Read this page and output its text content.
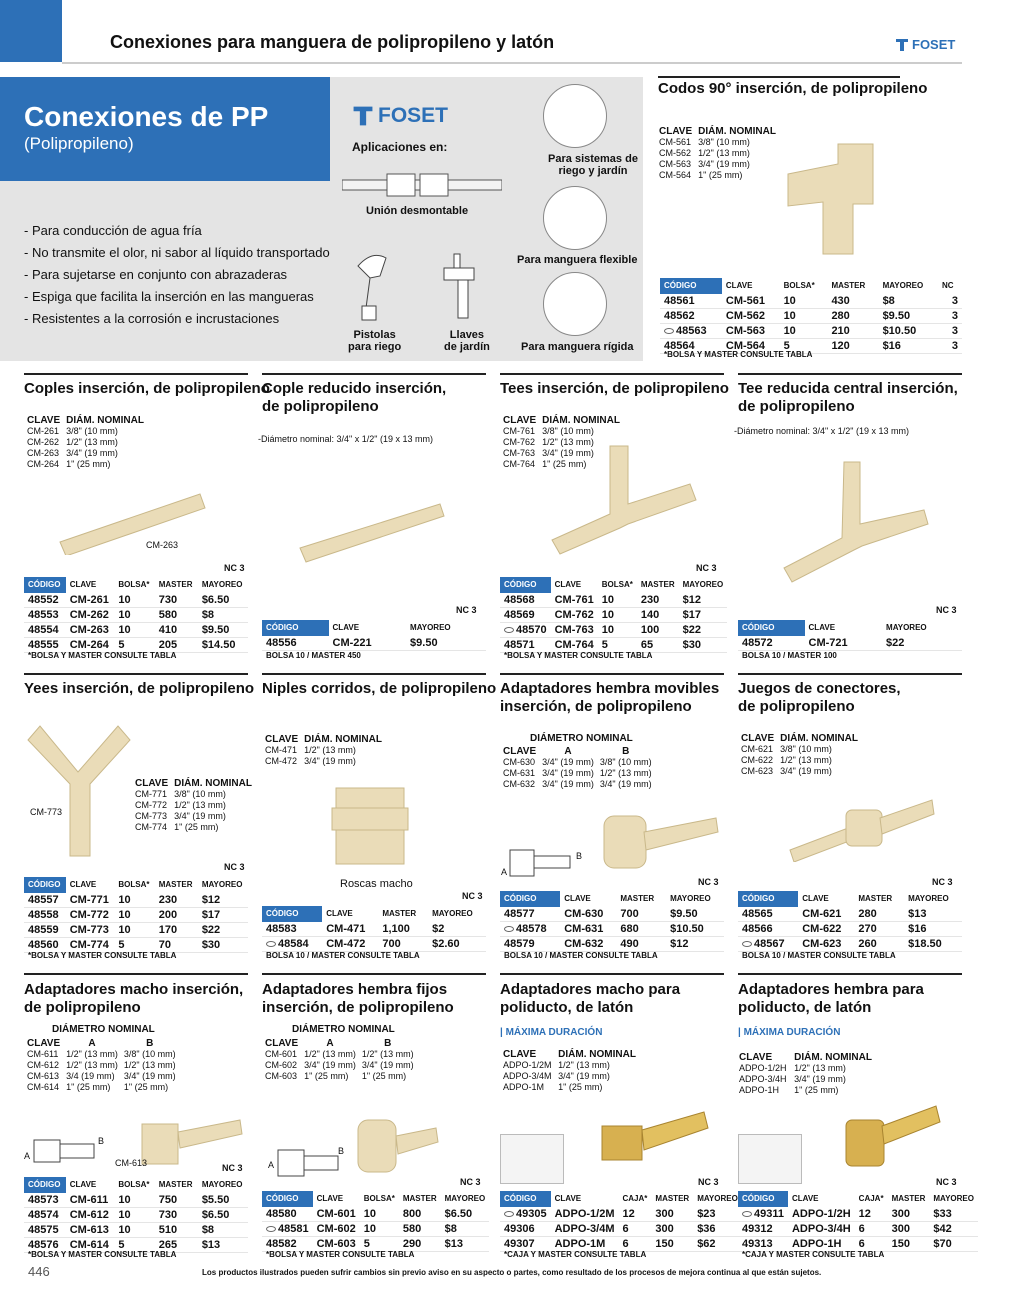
Conexiones para manguera de polipropileno y latón	FOSET
Conexiones de PP
(Polipropileno)
‐ Para conducción de agua fría
‐ No transmite el olor, ni sabor al líquido transportado
‐ Para sujetarse en conjunto con abrazaderas
‐ Espiga que facilita la inserción en las mangueras
‐ Resistentes a la corrosión e incrustaciones
FOSET
Aplicaciones en:
Unión desmontable
Pistolas
para riego
Llaves
de jardín
Para sistemas de
riego y jardín
Para manguera flexible
Para manguera rígida
Codos 90° inserción, de polipropileno
CLAVE	DIÁM. NOMINAL
CM-561	3/8" (10 mm)
CM-562	1/2" (13 mm)
CM-563	3/4" (19 mm)
CM-564	1" (25 mm)
CÓDIGO	CLAVE	BOLSA*	MASTER	MAYOREO	NC
48561	CM-561	10	430	$8	3
48562	CM-562	10	280	$9.50	3
48563	CM-563	10	210	$10.50	3
48564	CM-564	5	120	$16	3
*BOLSA Y MASTER CONSULTE TABLA
Coples inserción, de polipropileno
CLAVE	DIÁM. NOMINAL
CM-261	3/8" (10 mm)
CM-262	1/2" (13 mm)
CM-263	3/4" (19 mm)
CM-264	1" (25 mm)
CM-263
NC 3
CÓDIGO	CLAVE	BOLSA*	MASTER	MAYOREO
48552	CM-261	10	730	$6.50
48553	CM-262	10	580	$8
48554	CM-263	10	410	$9.50
48555	CM-264	5	205	$14.50
*BOLSA Y MASTER CONSULTE TABLA
Cople reducido inserción,
de polipropileno
‐Diámetro nominal: 3/4" x 1/2" (19 x 13 mm)
NC 3
CÓDIGO	CLAVE	MAYOREO
48556	CM-221	$9.50
BOLSA 10 / MASTER 450
Tees inserción, de polipropileno
CLAVE	DIÁM. NOMINAL
CM-761	3/8" (10 mm)
CM-762	1/2" (13 mm)
CM-763	3/4" (19 mm)
CM-764	1" (25 mm)
NC 3
CÓDIGO	CLAVE	BOLSA*	MASTER	MAYOREO
48568	CM-761	10	230	$12
48569	CM-762	10	140	$17
48570	CM-763	10	100	$22
48571	CM-764	5	65	$30
*BOLSA Y MASTER CONSULTE TABLA
Tee reducida central inserción,
de polipropileno
‐Diámetro nominal: 3/4" x 1/2" (19 x 13 mm)
NC 3
CÓDIGO	CLAVE	MAYOREO
48572	CM-721	$22
BOLSA 10 / MASTER 100
Yees inserción, de polipropileno
CM-773
CLAVE	DIÁM. NOMINAL
CM-771	3/8" (10 mm)
CM-772	1/2" (13 mm)
CM-773	3/4" (19 mm)
CM-774	1" (25 mm)
NC 3
CÓDIGO	CLAVE	BOLSA*	MASTER	MAYOREO
48557	CM-771	10	230	$12
48558	CM-772	10	200	$17
48559	CM-773	10	170	$22
48560	CM-774	5	70	$30
*BOLSA Y MASTER CONSULTE TABLA
Niples corridos, de polipropileno
CLAVE	DIÁM. NOMINAL
CM-471	1/2" (13 mm)
CM-472	3/4" (19 mm)
Roscas macho
NC 3
CÓDIGO	CLAVE	MASTER	MAYOREO
48583	CM-471	1,100	$2
48584	CM-472	700	$2.60
BOLSA 10 / MASTER CONSULTE TABLA
Adaptadores hembra movibles
inserción, de polipropileno
DIÁMETRO NOMINAL
CLAVE	A	B
CM-630	3/4" (19 mm)	3/8" (10 mm)
CM-631	3/4" (19 mm)	1/2" (13 mm)
CM-632	3/4" (19 mm)	3/4" (19 mm)
A
B
NC 3
CÓDIGO	CLAVE	MASTER	MAYOREO
48577	CM-630	700	$9.50
48578	CM-631	680	$10.50
48579	CM-632	490	$12
BOLSA 10 / MASTER CONSULTE TABLA
Juegos de conectores,
de polipropileno
CLAVE	DIÁM. NOMINAL
CM-621	3/8" (10 mm)
CM-622	1/2" (13 mm)
CM-623	3/4" (19 mm)
NC 3
CÓDIGO	CLAVE	MASTER	MAYOREO
48565	CM-621	280	$13
48566	CM-622	270	$16
48567	CM-623	260	$18.50
BOLSA 10 / MASTER CONSULTE TABLA
Adaptadores macho inserción,
de polipropileno
DIÁMETRO NOMINAL
CLAVE	A	B
CM-611	1/2" (13 mm)	3/8" (10 mm)
CM-612	1/2" (13 mm)	1/2" (13 mm)
CM-613	3/4 (19 mm)	3/4" (19 mm)
CM-614	1" (25 mm)	1" (25 mm)
A
B
CM-613	NC 3
CÓDIGO	CLAVE	BOLSA*	MASTER	MAYOREO
48573	CM-611	10	750	$5.50
48574	CM-612	10	730	$6.50
48575	CM-613	10	510	$8
48576	CM-614	5	265	$13
*BOLSA Y MASTER CONSULTE TABLA
Adaptadores hembra fijos
inserción, de polipropileno
DIÁMETRO NOMINAL
CLAVE	A	B
CM-601	1/2" (13 mm)	1/2" (13 mm)
CM-602	3/4" (19 mm)	3/4" (19 mm)
CM-603	1" (25 mm)	1" (25 mm)
A
B
NC 3
CÓDIGO	CLAVE	BOLSA*	MASTER	MAYOREO
48580	CM-601	10	800	$6.50
48581	CM-602	10	580	$8
48582	CM-603	5	290	$13
*BOLSA Y MASTER CONSULTE TABLA
Adaptadores macho para
poliducto, de latón
| MÁXIMA DURACIÓN
CLAVE	DIÁM. NOMINAL
ADPO-1/2M	1/2" (13 mm)
ADPO-3/4M	3/4" (19 mm)
ADPO-1M	1" (25 mm)
NC 3
CÓDIGO	CLAVE	CAJA*	MASTER	MAYOREO
49305	ADPO-1/2M	12	300	$23
49306	ADPO-3/4M	6	300	$36
49307	ADPO-1M	6	150	$62
*CAJA Y MASTER CONSULTE TABLA
Adaptadores hembra para
poliducto, de latón
| MÁXIMA DURACIÓN
CLAVE	DIÁM. NOMINAL
ADPO-1/2H	1/2" (13 mm)
ADPO-3/4H	3/4" (19 mm)
ADPO-1H	1" (25 mm)
NC 3
CÓDIGO	CLAVE	CAJA*	MASTER	MAYOREO
49311	ADPO-1/2H	12	300	$33
49312	ADPO-3/4H	6	300	$42
49313	ADPO-1H	6	150	$70
*CAJA Y MASTER CONSULTE TABLA
446	Los productos ilustrados pueden sufrir cambios sin previo aviso en su aspecto o partes, como resultado de los procesos de mejora continua al que están sujetos.
